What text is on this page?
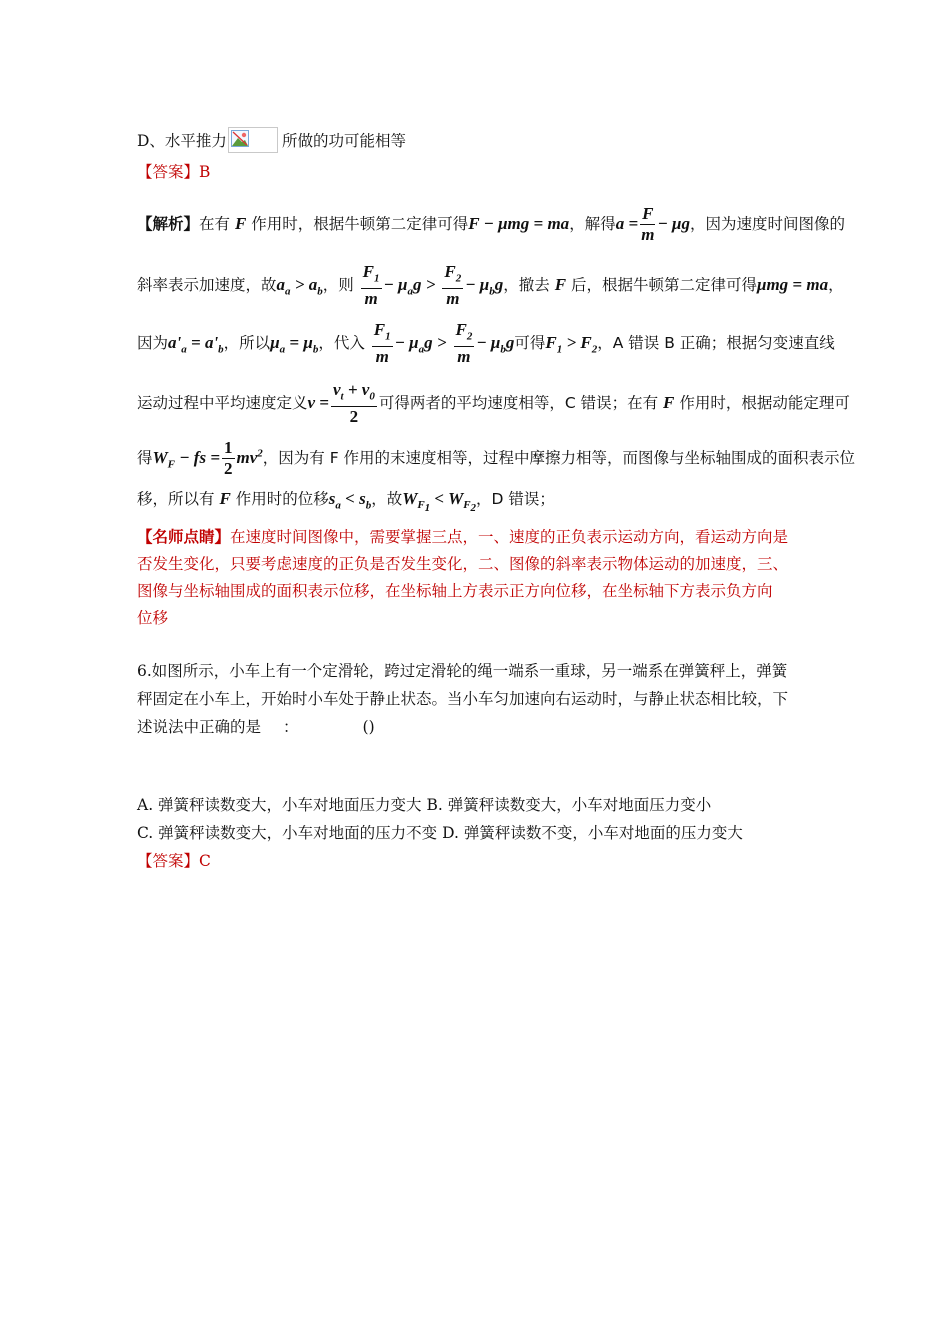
D、水平推力	所做的功可能相等
【答案】B
【解析】在有 F 作用时，根据牛顿第二定律可得F − μmg = ma，解得$a = \frac{F}{m} - \mu g$，因为速度时间图像的
斜率表示加速度，故$a_a > a_b$，则 $\frac{F_1}{m} - \mu_ag > \frac{F_2}{m} - \mu_bg$，撤去 F 后，根据牛顿第二定律可得μmg = ma，
因为$a'_a = a'_b$，所以$\mu_a = \mu_b$，代入 $\frac{F_1}{m} - \mu_ag > \frac{F_2}{m} - \mu_bg$可得$F_1 > F_2$，A 错误 B 正确；根据匀变速直线
运动过程中平均速度定义$v = \frac{v_t + v_0}{2}$ 可得两者的平均速度相等，C 错误；在有 F 作用时，根据动能定理可
得$W_F$ − fs = $\frac{1}{2} mv^2$，因为有 F 作用的末速度相等，过程中摩擦力相等，而图像与坐标轴围成的面积表示位
移，所以有 F 作用时的位移$s_a < s_b$，故$W_{F_1} < W_{F_2}$，D 错误；
【名师点睛】在速度时间图像中，需要掌握三点，一、速度的正负表示运动方向，看运动方向是
否发生变化，只要考虑速度的正负是否发生变化，二、图像的斜率表示物体运动的加速度，三、
图像与坐标轴围成的面积表示位移，在坐标轴上方表示正方向位移，在坐标轴下方表示负方向
位移
6.如图所示，小车上有一个定滑轮，跨过定滑轮的绳一端系一重球，另一端系在弹簧秤上，弹簧
秤固定在小车上，开始时小车处于静止状态。当小车匀加速向右运动时，与静止状态相比较，下
述说法中正确的是 ：	()
A. 弹簧秤读数变大，小车对地面压力变大 B. 弹簧秤读数变大，小车对地面压力变小
C. 弹簧秤读数变大，小车对地面的压力不变 D. 弹簧秤读数不变，小车对地面的压力变大
【答案】C
